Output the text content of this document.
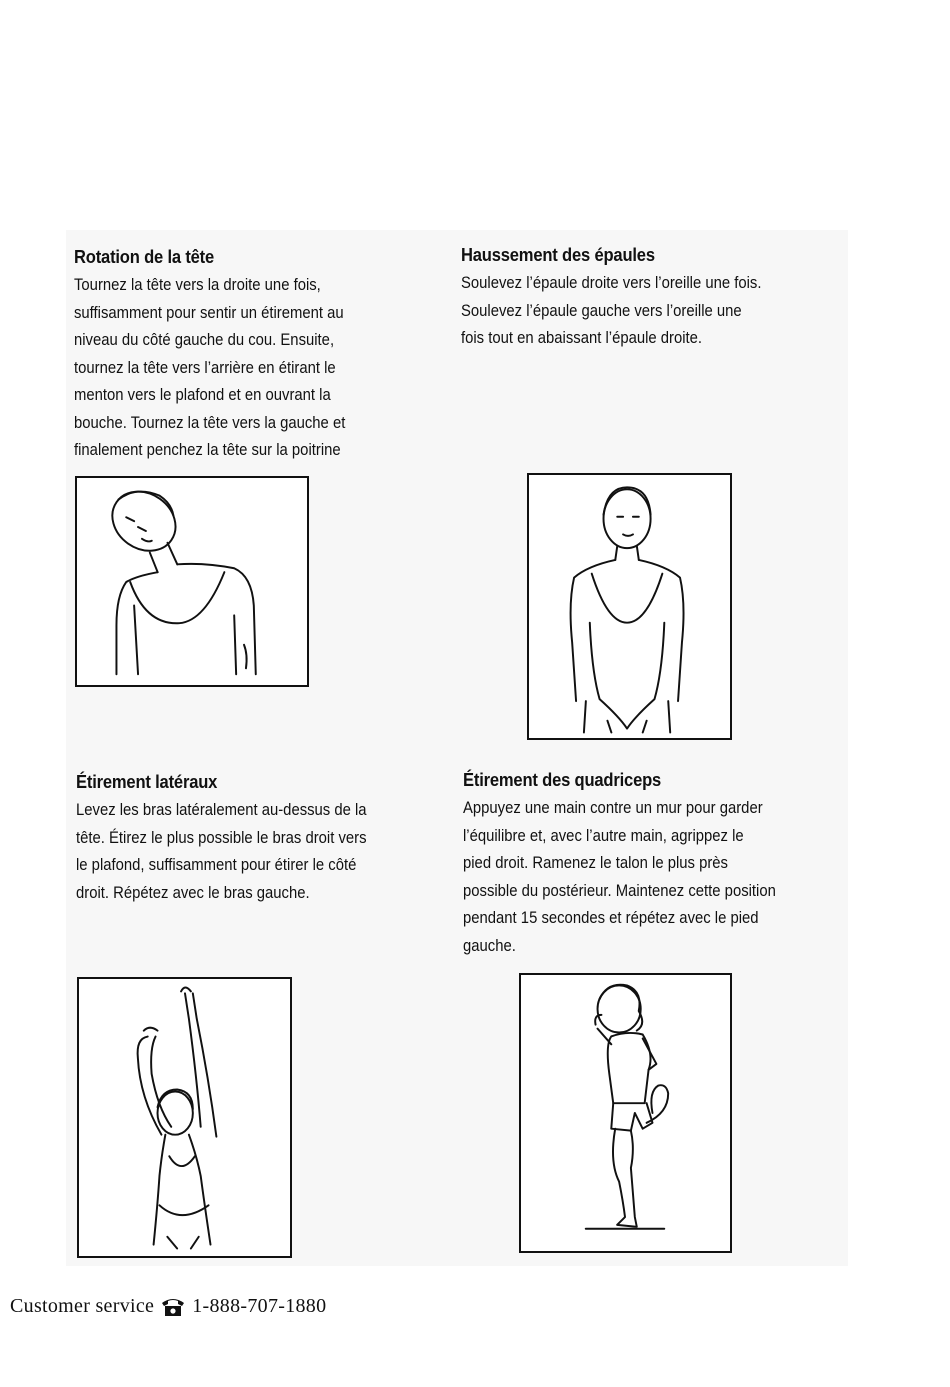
Rotation de la tête

Tournez la tête vers la droite une fois,
suffisamment pour sentir un étirement au
niveau du côté gauche du cou. Ensuite,
tournez la tête vers l’arrière en étirant le
menton vers le plafond et en ouvrant la
bouche. Tournez la tête vers la gauche et
finalement penchez la tête sur la poitrine

Haussement des épaules

Soulevez l’épaule droite vers l’oreille une fois.
Soulevez l’épaule gauche vers l’oreille une
fois tout en abaissant l’épaule droite.

Étirement latéraux

Levez les bras latéralement au-dessus de la
tête. Étirez le plus possible le bras droit vers
le plafond, suffisamment pour étirer le côté
droit. Répétez avec le bras gauche.

Étirement des quadriceps

Appuyez une main contre un mur pour garder
l’équilibre et, avec l’autre main, agrippez le
pied droit. Ramenez le talon le plus près
possible du postérieur. Maintenez cette position
pendant 15 secondes et répétez avec le pied
gauche.

Customer service 1-888-707-1880
